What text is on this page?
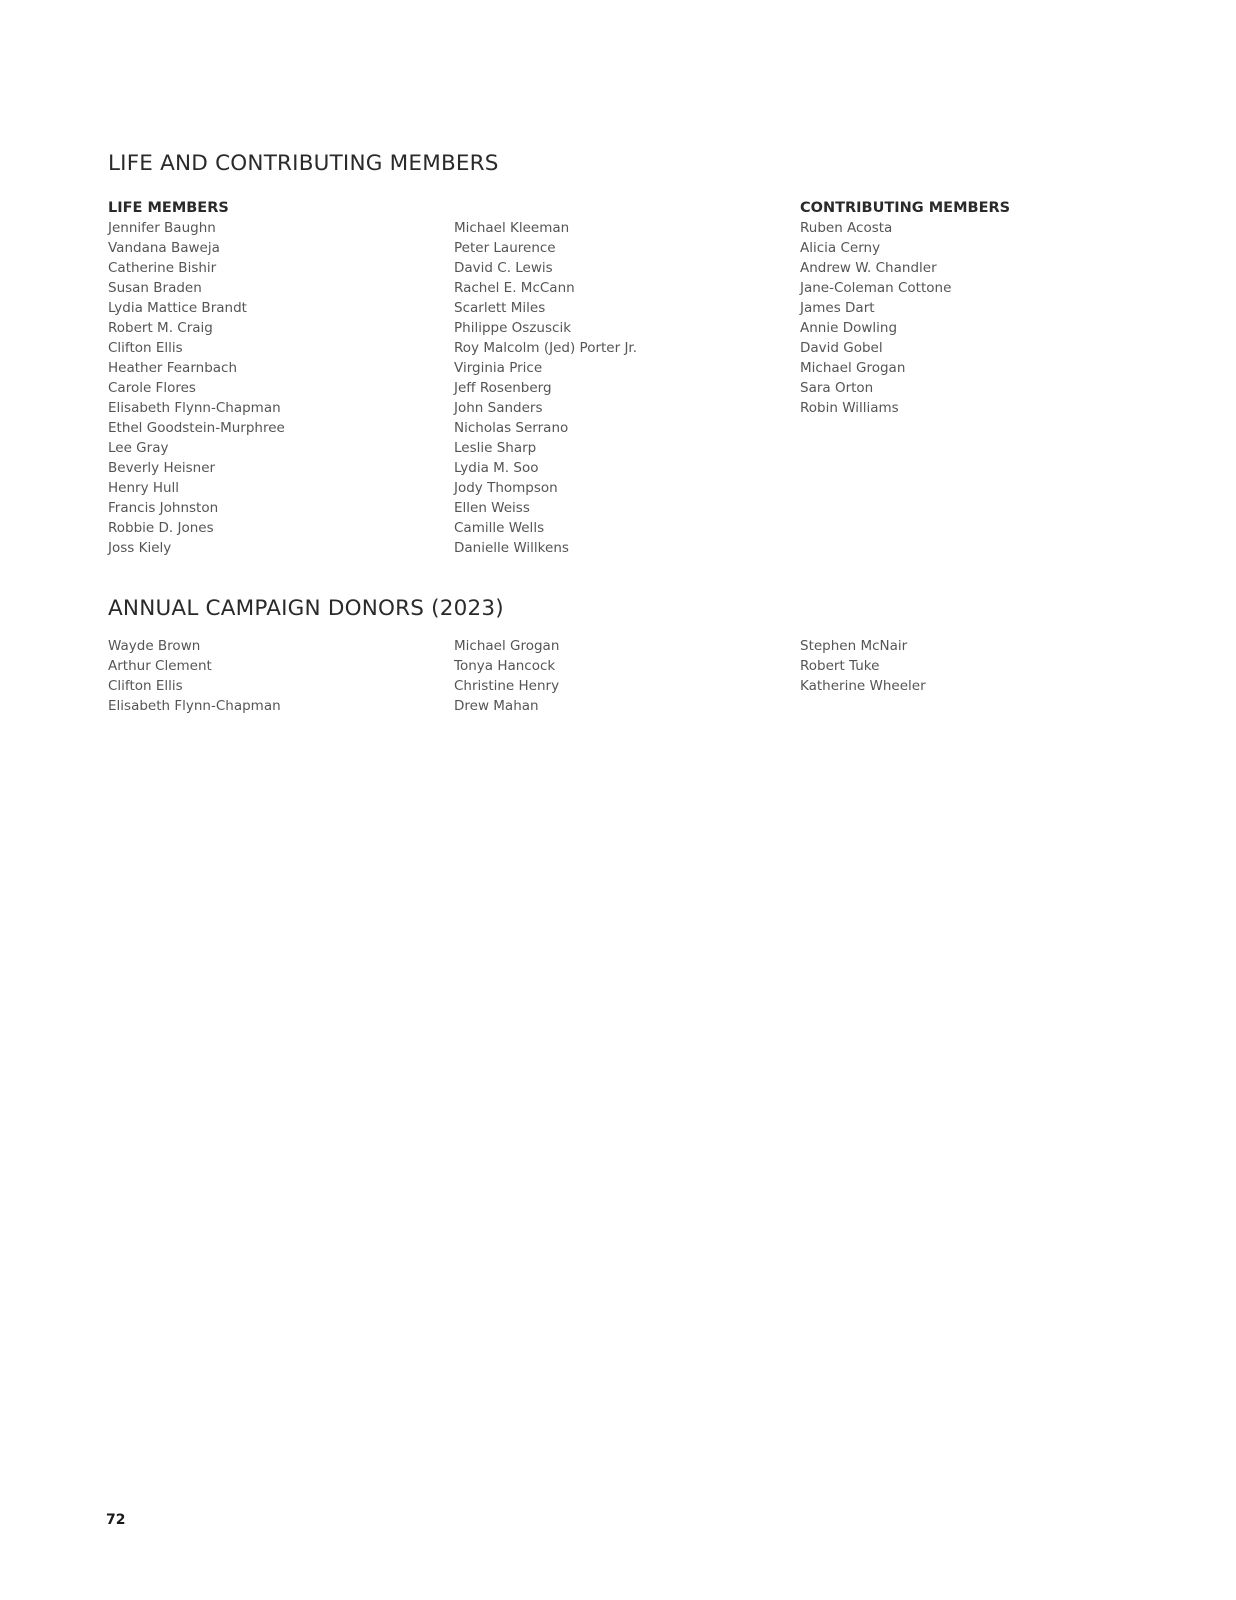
LIFE AND CONTRIBUTING MEMBERS
LIFE MEMBERS
Jennifer Baughn
Vandana Baweja
Catherine Bishir
Susan Braden
Lydia Mattice Brandt
Robert M. Craig
Clifton Ellis
Heather Fearnbach
Carole Flores
Elisabeth Flynn-Chapman
Ethel Goodstein-Murphree
Lee Gray
Beverly Heisner
Henry Hull
Francis Johnston
Robbie D. Jones
Joss Kiely
Michael Kleeman
Peter Laurence
David C. Lewis
Rachel E. McCann
Scarlett Miles
Philippe Oszuscik
Roy Malcolm (Jed) Porter Jr.
Virginia Price
Jeff Rosenberg
John Sanders
Nicholas Serrano
Leslie Sharp
Lydia M. Soo
Jody Thompson
Ellen Weiss
Camille Wells
Danielle Willkens
CONTRIBUTING MEMBERS
Ruben Acosta
Alicia Cerny
Andrew W. Chandler
Jane-Coleman Cottone
James Dart
Annie Dowling
David Gobel
Michael Grogan
Sara Orton
Robin Williams
ANNUAL CAMPAIGN DONORS (2023)
Wayde Brown
Arthur Clement
Clifton Ellis
Elisabeth Flynn-Chapman
Michael Grogan
Tonya Hancock
Christine Henry
Drew Mahan
Stephen McNair
Robert Tuke
Katherine Wheeler
72
